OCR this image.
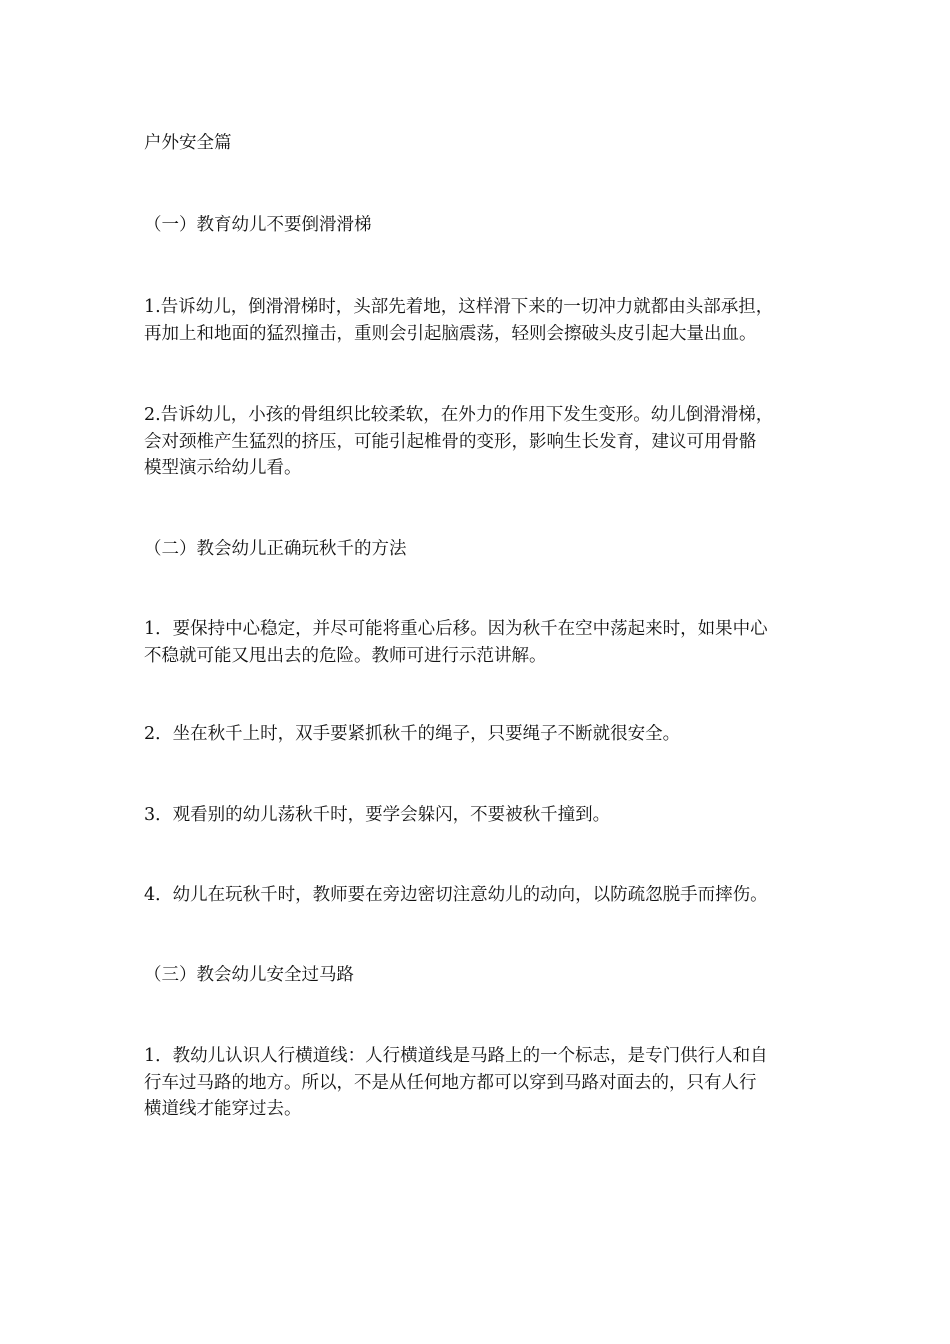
户外安全篇
（一）教育幼儿不要倒滑滑梯
1.告诉幼儿，倒滑滑梯时，头部先着地，这样滑下来的一切冲力就都由头部承担，
再加上和地面的猛烈撞击，重则会引起脑震荡，轻则会擦破头皮引起大量出血。
2.告诉幼儿，小孩的骨组织比较柔软，在外力的作用下发生变形。幼儿倒滑滑梯，
会对颈椎产生猛烈的挤压，可能引起椎骨的变形，影响生长发育，建议可用骨骼
模型演示给幼儿看。
（二）教会幼儿正确玩秋千的方法
1．要保持中心稳定，并尽可能将重心后移。因为秋千在空中荡起来时，如果中心
不稳就可能又甩出去的危险。教师可进行示范讲解。
2．坐在秋千上时，双手要紧抓秋千的绳子，只要绳子不断就很安全。
3．观看别的幼儿荡秋千时，要学会躲闪，不要被秋千撞到。
4．幼儿在玩秋千时，教师要在旁边密切注意幼儿的动向，以防疏忽脱手而摔伤。
（三）教会幼儿安全过马路
1．教幼儿认识人行横道线：人行横道线是马路上的一个标志，是专门供行人和自
行车过马路的地方。所以，不是从任何地方都可以穿到马路对面去的，只有人行
横道线才能穿过去。
